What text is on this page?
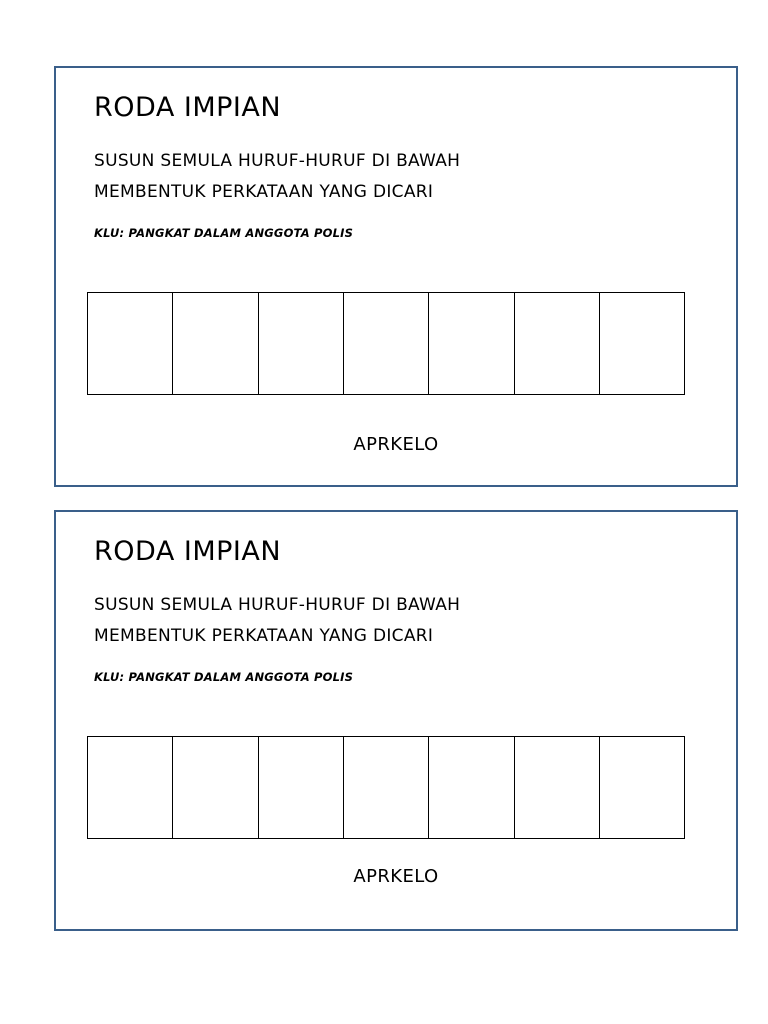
RODA IMPIAN
SUSUN SEMULA HURUF-HURUF DI BAWAH
MEMBENTUK PERKATAAN YANG DICARI
KLU: PANGKAT DALAM ANGGOTA POLIS
APRKELO
RODA IMPIAN
SUSUN SEMULA HURUF-HURUF DI BAWAH
MEMBENTUK PERKATAAN YANG DICARI
KLU: PANGKAT DALAM ANGGOTA POLIS
APRKELO
